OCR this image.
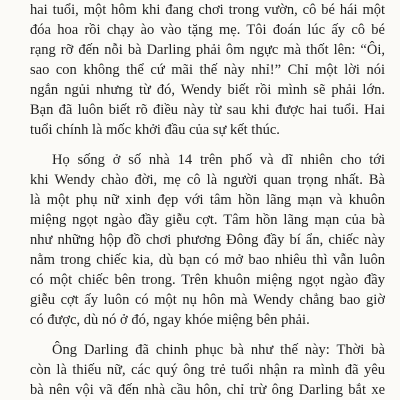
hai tuổi, một hôm khi đang chơi trong vườn, cô bé hái một
đóa hoa rồi chạy ào vào tặng mẹ. Tôi đoán lúc ấy cô bé
rạng rỡ đến nỗi bà Darling phải ôm ngực mà thốt lên: “Ôi,
sao con không thể cứ mãi thế này nhỉ!” Chỉ một lời nói
ngắn ngủi nhưng từ đó, Wendy biết rồi mình sẽ phải lớn.
Bạn đã luôn biết rõ điều này từ sau khi được hai tuổi. Hai
tuổi chính là mốc khởi đầu của sự kết thúc.
Họ sống ở số nhà 14 trên phố và dĩ nhiên cho tới
khi Wendy chào đời, mẹ cô là người quan trọng nhất. Bà
là một phụ nữ xinh đẹp với tâm hồn lãng mạn và khuôn
miệng ngọt ngào đầy giễu cợt. Tâm hồn lãng mạn của bà
như những hộp đồ chơi phương Đông đầy bí ẩn, chiếc này
nằm trong chiếc kia, dù bạn có mở bao nhiêu thì vẫn luôn
có một chiếc bên trong. Trên khuôn miệng ngọt ngào đầy
giễu cợt ấy luôn có một nụ hôn mà Wendy chẳng bao giờ
có được, dù nó ở đó, ngay khóe miệng bên phải.
Ông Darling đã chinh phục bà như thế này: Thời bà
còn là thiếu nữ, các quý ông trẻ tuổi nhận ra mình đã yêu
bà nên vội vã đến nhà cầu hôn, chỉ trừ ông Darling bắt xe
